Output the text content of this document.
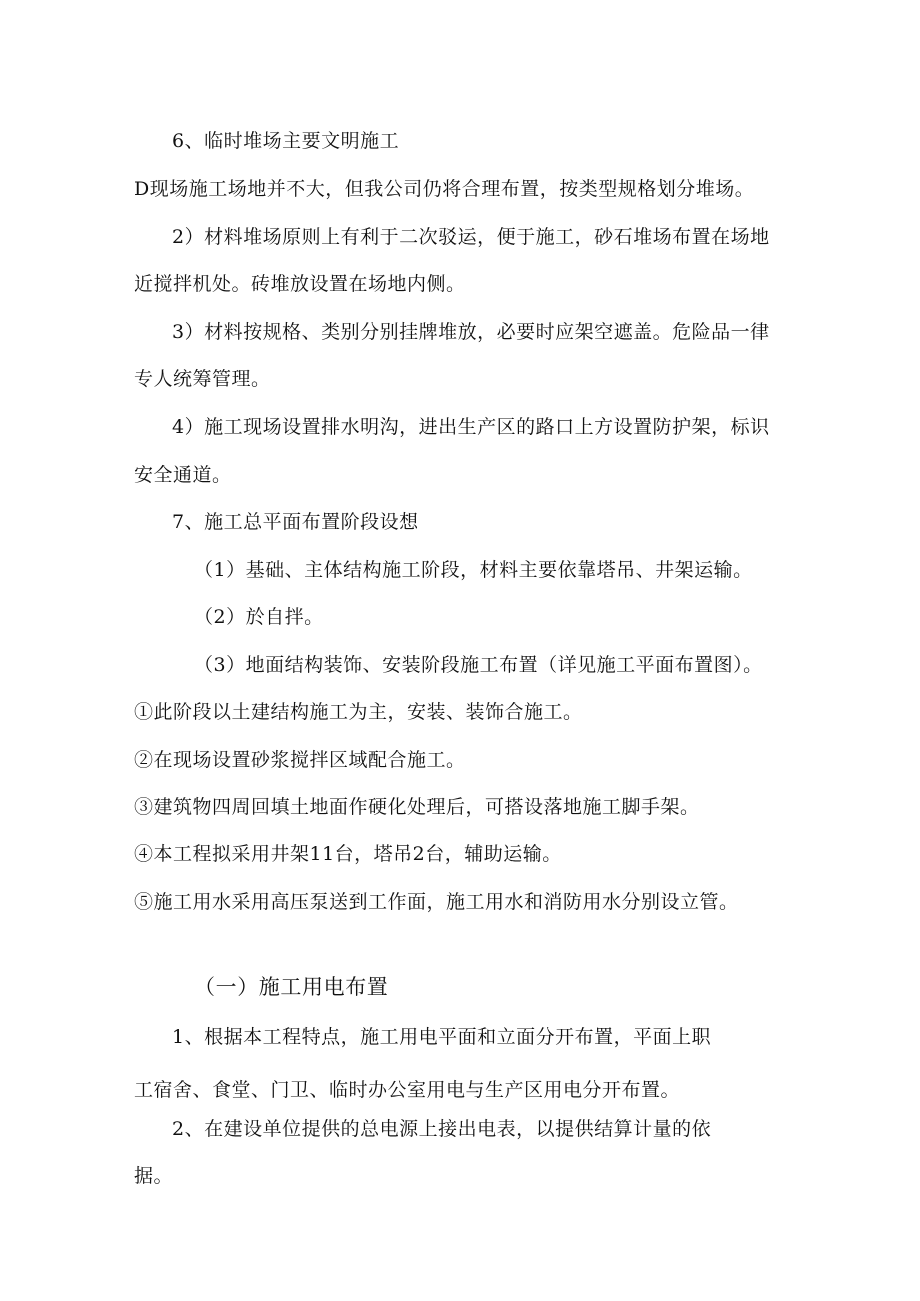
6、临时堆场主要文明施工
D现场施工场地并不大，但我公司仍将合理布置，按类型规格划分堆场。
2）材料堆场原则上有利于二次驳运，便于施工，砂石堆场布置在场地
近搅拌机处。砖堆放设置在场地内侧。
3）材料按规格、类别分别挂牌堆放，必要时应架空遮盖。危险品一律
专人统筹管理。
4）施工现场设置排水明沟，进出生产区的路口上方设置防护架，标识
安全通道。
7、施工总平面布置阶段设想
（1）基础、主体结构施工阶段，材料主要依靠塔吊、井架运输。
（2）於自拌。
（3）地面结构装饰、安装阶段施工布置（详见施工平面布置图）。
①此阶段以土建结构施工为主，安装、装饰合施工。
②在现场设置砂浆搅拌区域配合施工。
③建筑物四周回填土地面作硬化处理后，可搭设落地施工脚手架。
④本工程拟采用井架11台，塔吊2台，辅助运输。
⑤施工用水采用高压泵送到工作面，施工用水和消防用水分别设立管。
（一）施工用电布置
1、根据本工程特点，施工用电平面和立面分开布置，平面上职
工宿舍、食堂、门卫、临时办公室用电与生产区用电分开布置。
2、在建设单位提供的总电源上接出电表，以提供结算计量的依
据。
